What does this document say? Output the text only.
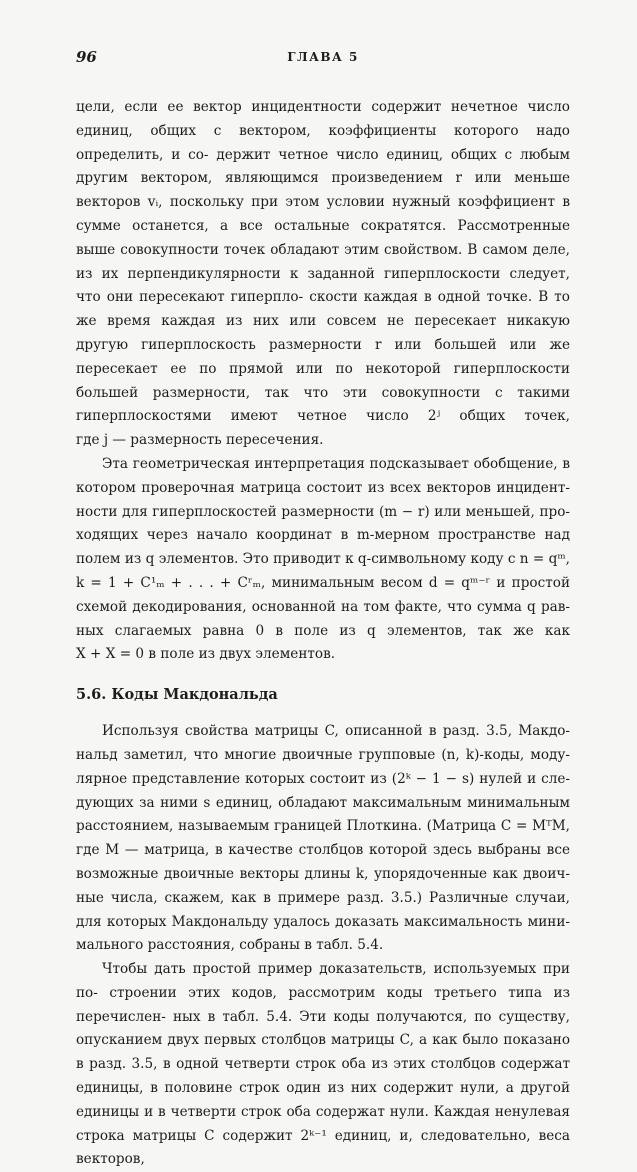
96	ГЛАВА 5

цели, если ее вектор инцидентности содержит нечетное число единиц, общих с вектором, коэффициенты которого надо определить, и со- держит четное число единиц, общих с любым другим вектором, являющимся произведением r или меньше векторов vᵢ, поскольку при этом условии нужный коэффициент в сумме останется, а все остальные сократятся. Рассмотренные выше совокупности точек обладают этим свойством. В самом деле, из их перпендикулярности к заданной гиперплоскости следует, что они пересекают гиперпло- скости каждая в одной точке. В то же время каждая из них или совсем не пересекает никакую другую гиперплоскость размерности r или большей или же пересекает ее по прямой или по некоторой гиперплоскости большей размерности, так что эти совокупности с такими гиперплоскостями имеют четное число 2ʲ общих точек,

где j — размерность пересечения.

Эта геометрическая интерпретация подсказывает обобщение, в котором проверочная матрица состоит из всех векторов инцидент- ности для гиперплоскостей размерности (m − r) или меньшей, про- ходящих через начало координат в m-мерном пространстве над полем из q элементов. Это приводит к q-символьному коду с n = qᵐ, k = 1 + C¹ₘ + . . . + Cʳₘ, минимальным весом d = qᵐ⁻ʳ и простой схемой декодирования, основанной на том факте, что сумма q рав- ных слагаемых равна 0 в поле из q элементов, так же как

X + X = 0 в поле из двух элементов.

5.6. Коды Макдональда

Используя свойства матрицы C, описанной в разд. 3.5, Макдо- нальд заметил, что многие двоичные групповые (n, k)-коды, моду- лярное представление которых состоит из (2ᵏ − 1 − s) нулей и сле- дующих за ними s единиц, обладают максимальным минимальным расстоянием, называемым границей Плоткина. (Матрица C = MᵀM, где M — матрица, в качестве столбцов которой здесь выбраны все возможные двоичные векторы длины k, упорядоченные как двоич- ные числа, скажем, как в примере разд. 3.5.) Различные случаи, для которых Макдональду удалось доказать максимальность мини-

мального расстояния, собраны в табл. 5.4.

Чтобы дать простой пример доказательств, используемых при по- строении этих кодов, рассмотрим коды третьего типа из перечислен- ных в табл. 5.4. Эти коды получаются, по существу, опусканием двух первых столбцов матрицы C, а как было показано в разд. 3.5, в одной четверти строк оба из этих столбцов содержат единицы, в половине строк один из них содержит нули, а другой единицы и в четверти строк оба содержат нули. Каждая ненулевая строка матрицы C содержит 2ᵏ⁻¹ единиц, и, следовательно, веса векторов,
